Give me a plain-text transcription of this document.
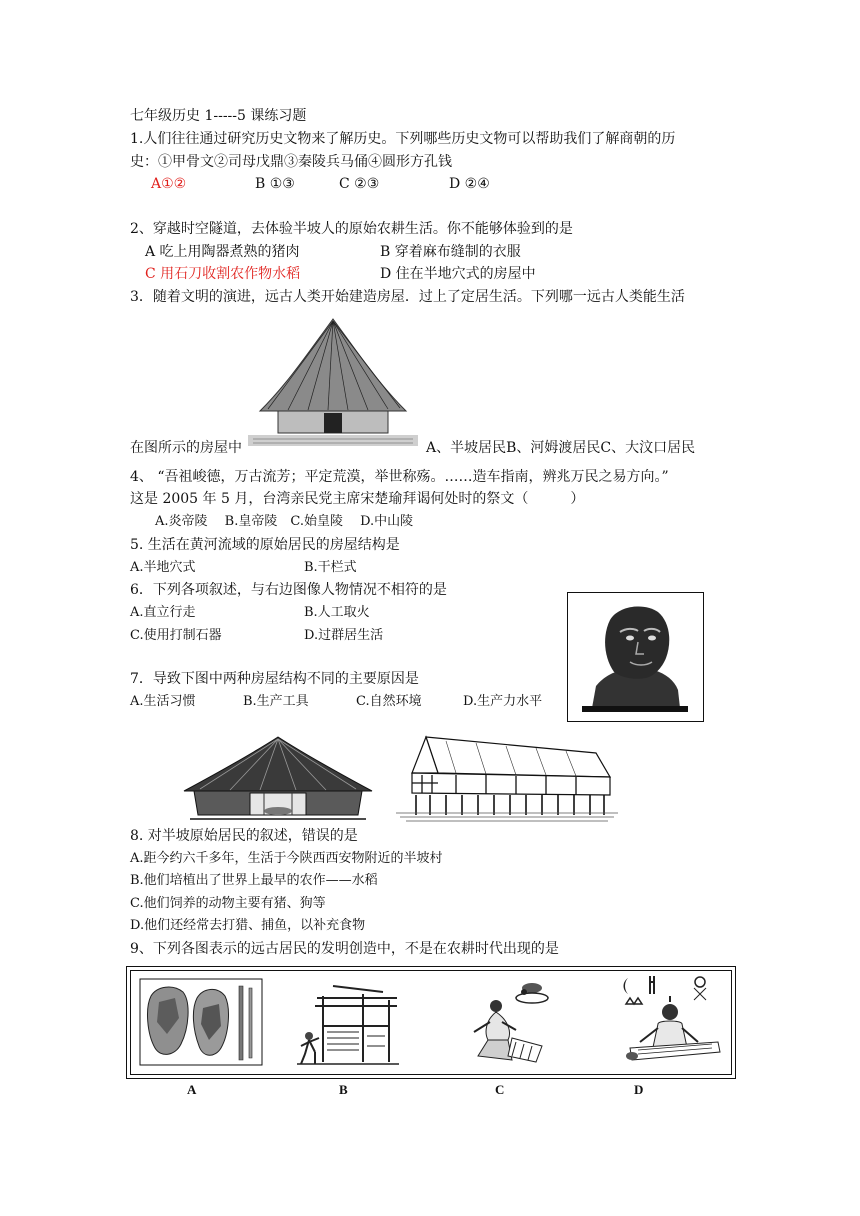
七年级历史 1-----5 课练习题
1.人们往往通过研究历史文物来了解历史。下列哪些历史文物可以帮助我们了解商朝的历
史：①甲骨文②司母戊鼎③秦陵兵马俑④圆形方孔钱
A①②	B ①③	C ②③	D ②④
2、穿越时空隧道，去体验半坡人的原始农耕生活。你不能够体验到的是
A 吃上用陶器煮熟的猪肉	B 穿着麻布缝制的衣服
C 用石刀收割农作物水稻	D 住在半地穴式的房屋中
3．随着文明的演进，远古人类开始建造房屋．过上了定居生活。下列哪一远古人类能生活
在图所示的房屋中	A、半坡居民B、河姆渡居民C、大汶口居民
4、 “吾祖峻德，万古流芳；平定荒漠，举世称殇。……造车指南，辨兆万民之易方向。”
这是 2005 年 5 月，台湾亲民党主席宋楚瑜拜谒何处时的祭文（　　　）
A.炎帝陵　 B.皇帝陵　C.始皇陵　 D.中山陵
5. 生活在黄河流域的原始居民的房屋结构是
A.半地穴式	B.干栏式
6．下列各项叙述，与右边图像人物情况不相符的是
A.直立行走	B.人工取火
C.使用打制石器	D.过群居生活
7．导致下图中两种房屋结构不同的主要原因是
A.生活习惯	B.生产工具	C.自然环境	D.生产力水平
8. 对半坡原始居民的叙述，错误的是
A.距今约六千多年，生活于今陕西西安物附近的半坡村
B.他们培植出了世界上最早的农作——水稻
C.他们饲养的动物主要有猪、狗等
D.他们还经常去打猎、捕鱼，以补充食物
9、下列各图表示的远古居民的发明创造中，不是在农耕时代出现的是
A	B	C	D
